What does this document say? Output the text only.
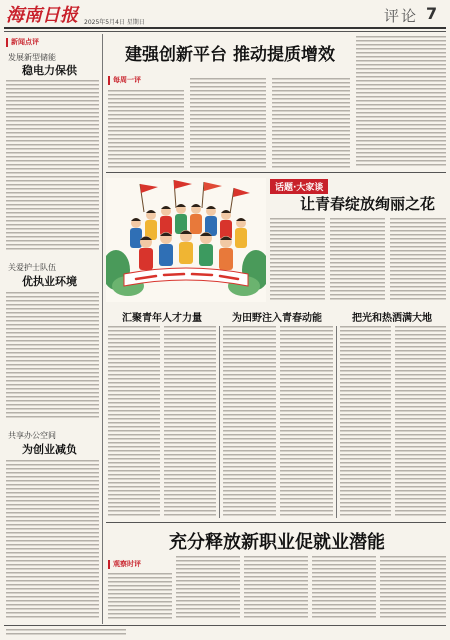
海南日报 2025年5月4日 星期日	评论 7
新闻点评
发展新型储能
稳电力保供
关爱护士队伍
优执业环境
共享办公空间
为创业减负
建强创新平台 推动提质增效
每周一评
话题·大家谈
让青春绽放绚丽之花
汇聚青年人才力量	为田野注入青春动能	把光和热洒满大地
充分释放新职业促就业潜能
观察时评
